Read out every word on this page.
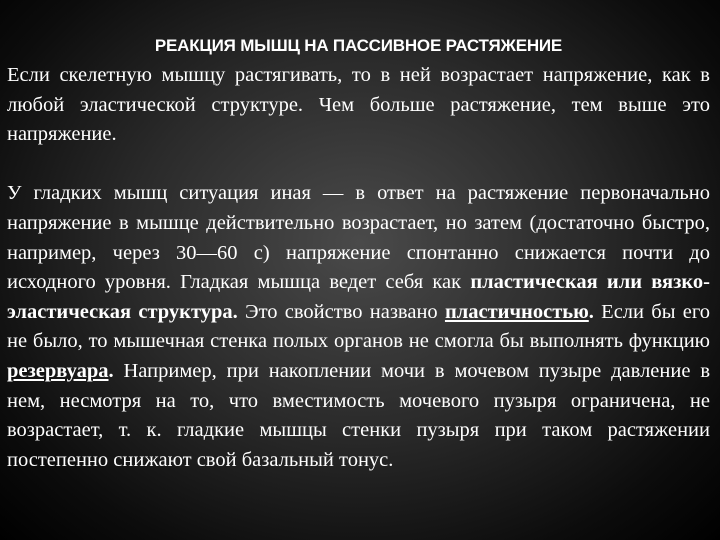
РЕАКЦИЯ МЫШЦ НА ПАССИВНОЕ РАСТЯЖЕНИЕ

Если скелетную мышцу растягивать, то в ней возрастает напряжение, как в любой эластической структуре. Чем больше растяжение, тем выше это напряжение.

У гладких мышц ситуация иная — в ответ на растяжение первоначально напряжение в мышце действительно возрастает, но затем (достаточно быстро, например, через 30—60 с) напряжение спонтанно снижается почти до исходного уровня. Гладкая мышца ведет себя как пластическая или вязко-эластическая структура. Это свойство названо пластичностью. Если бы его не было, то мышечная стенка полых органов не смогла бы выполнять функцию резервуара. Например, при накоплении мочи в мочевом пузыре давление в нем, несмотря на то, что вместимость мочевого пузыря ограничена, не возрастает, т. к. гладкие мышцы стенки пузыря при таком растяжении постепенно снижают свой базальный тонус.
